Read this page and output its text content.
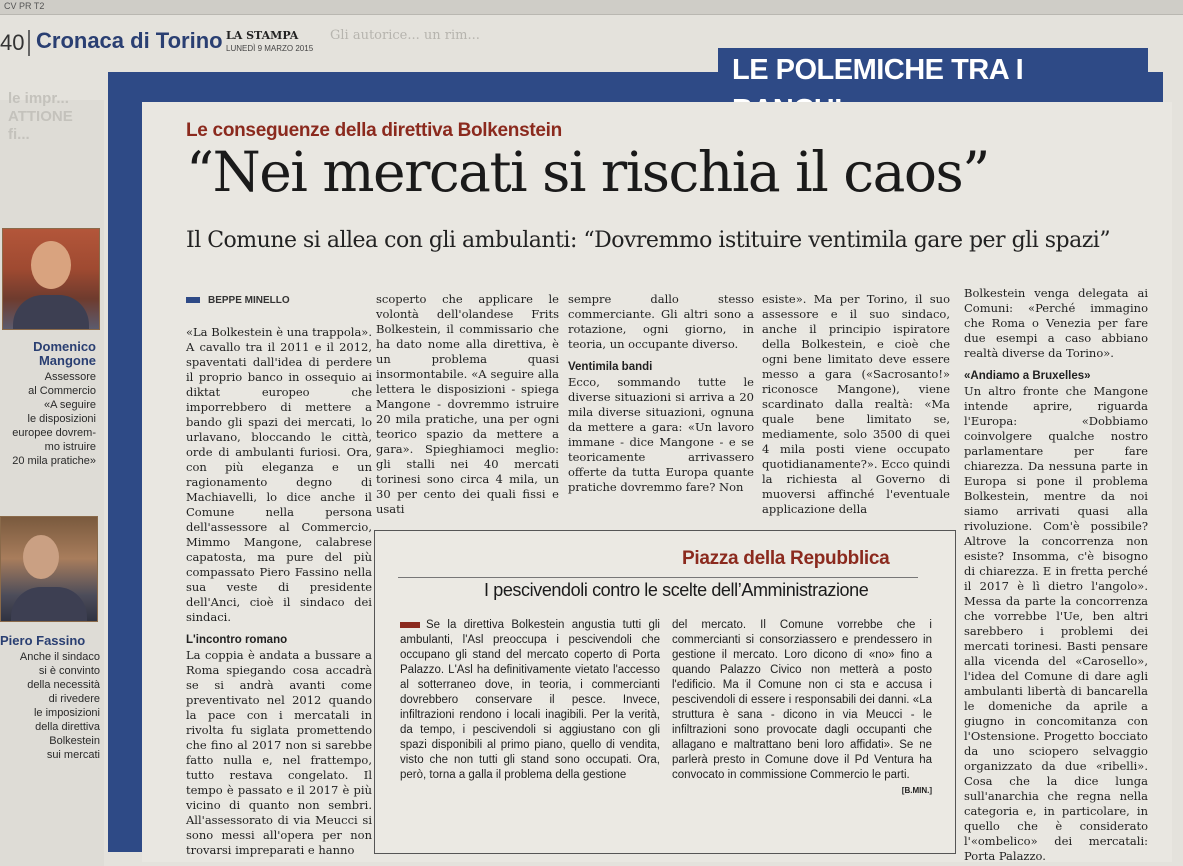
CV PR T2
40 Cronaca di Torino LA STAMPA
LUNEDÌ 9 MARZO 2015
Gli autorice... un rim...
le impr...
ATTIONE
fi...
LE POLEMICHE TRA I
Domenico
Mangone
Assessore
al Commercio
«A seguire
le disposizioni
europee dovrem-
mo istruire
20 mila pratiche»
Piero Fassino
Anche il sindaco
si è convinto
della necessità
di rivedere
le imposizioni
della direttiva
Bolkestein
sui mercati
Le conseguenze della direttiva Bolkenstein
“Nei mercati si rischia il caos”
Il Comune si allea con gli ambulanti: “Dovremmo istituire ventimila gare per gli spazi”
BEPPE MINELLO

«La Bolkestein è una trappola». A cavallo tra il 2011 e il 2012, spaventati dall'idea di perdere il proprio banco in ossequio ai diktat europeo che imporrebbero di mettere a bando gli spazi dei mercati, lo urlavano, bloccando le città, orde di ambulanti furiosi. Ora, con più eleganza e un ragionamento degno di Machiavelli, lo dice anche il Comune nella persona dell'assessore al Commercio, Mimmo Mangone, calabrese capatosta, ma pure del più compassato Piero Fassino nella sua veste di presidente dell'Anci, cioè il sindaco dei sindaci.

L'incontro romano

La coppia è andata a bussare a Roma spiegando cosa accadrà se si andrà avanti come preventivato nel 2012 quando la pace con i mercatali in rivolta fu siglata promettendo che fino al 2017 non si sarebbe fatto nulla e, nel frattempo, tutto restava congelato. Il tempo è passato e il 2017 è più vicino di quanto non sembri. All'assessorato di via Meucci si sono messi all'opera per non trovarsi impreparati e hanno

scoperto che applicare le volontà dell'olandese Frits Bolkestein, il commissario che ha dato nome alla direttiva, è un problema quasi insormontabile. «A seguire alla lettera le disposizioni - spiega Mangone - dovremmo istruire 20 mila pratiche, una per ogni teorico spazio da mettere a gara». Spieghiamoci meglio: gli stalli nei 40 mercati torinesi sono circa 4 mila, un 30 per cento dei quali fissi e usati

sempre dallo stesso commerciante. Gli altri sono a rotazione, ogni giorno, in teoria, un occupante diverso.

Ventimila bandi

Ecco, sommando tutte le diverse situazioni si arriva a 20 mila diverse situazioni, ognuna da mettere a gara: «Un lavoro immane - dice Mangone - e se teoricamente arrivassero offerte da tutta Europa quante pratiche dovremmo fare? Non

esiste». Ma per Torino, il suo assessore e il suo sindaco, anche il principio ispiratore della Bolkestein, e cioè che ogni bene limitato deve essere messo a gara («Sacrosanto!» riconosce Mangone), viene scardinato dalla realtà: «Ma quale bene limitato se, mediamente, solo 3500 di quei 4 mila posti viene occupato quotidianamente?». Ecco quindi la richiesta al Governo di muoversi affinché l'eventuale applicazione della

Bolkestein venga delegata ai Comuni: «Perché immagino che Roma o Venezia per fare due esempi a caso abbiano realtà diverse da Torino».

«Andiamo a Bruxelles»

Un altro fronte che Mangone intende aprire, riguarda l'Europa: «Dobbiamo coinvolgere qualche nostro parlamentare per fare chiarezza. Da nessuna parte in Europa si pone il problema Bolkestein, mentre da noi siamo arrivati quasi alla rivoluzione. Com'è possibile? Altrove la concorrenza non esiste? Insomma, c'è bisogno di chiarezza. E in fretta perché il 2017 è lì dietro l'angolo». Messa da parte la concorrenza che vorrebbe l'Ue, ben altri sarebbero i problemi dei mercati torinesi. Basti pensare alla vicenda del «Carosello», l'idea del Comune di dare agli ambulanti libertà di bancarella le domeniche da aprile a giugno in concomitanza con l'Ostensione. Progetto bocciato da uno sciopero selvaggio organizzato da due «ribelli». Cosa che la dice lunga sull'anarchia che regna nella categoria e, in particolare, in quello che è considerato l'«ombelico» dei mercatali: Porta Palazzo.

Piazza della Repubblica
I pescivendoli contro le scelte dell’Amministrazione
Se la direttiva Bolkestein angustia tutti gli ambulanti, l'Asl preoccupa i pescivendoli che occupano gli stand del mercato coperto di Porta Palazzo. L'Asl ha definitivamente vietato l'accesso al sotterraneo dove, in teoria, i commercianti dovrebbero conservare il pesce. Invece, infiltrazioni rendono i locali inagibili. Per la verità, da tempo, i pescivendoli si aggiustano con gli spazi disponibili al primo piano, quello di vendita, visto che non tutti gli stand sono occupati. Ora, però, torna a galla il problema della gestione
del mercato. Il Comune vorrebbe che i commercianti si consorziassero e prendessero in gestione il mercato. Loro dicono di «no» fino a quando Palazzo Civico non metterà a posto l'edificio. Ma il Comune non ci sta e accusa i pescivendoli di essere i responsabili dei danni. «La struttura è sana - dicono in via Meucci - le infiltrazioni sono provocate dagli occupanti che allagano e maltrattano beni loro affidati». Se ne parlerà presto in Comune dove il Pd Ventura ha convocato in commissione Commercio le parti.
[B.MIN.]
